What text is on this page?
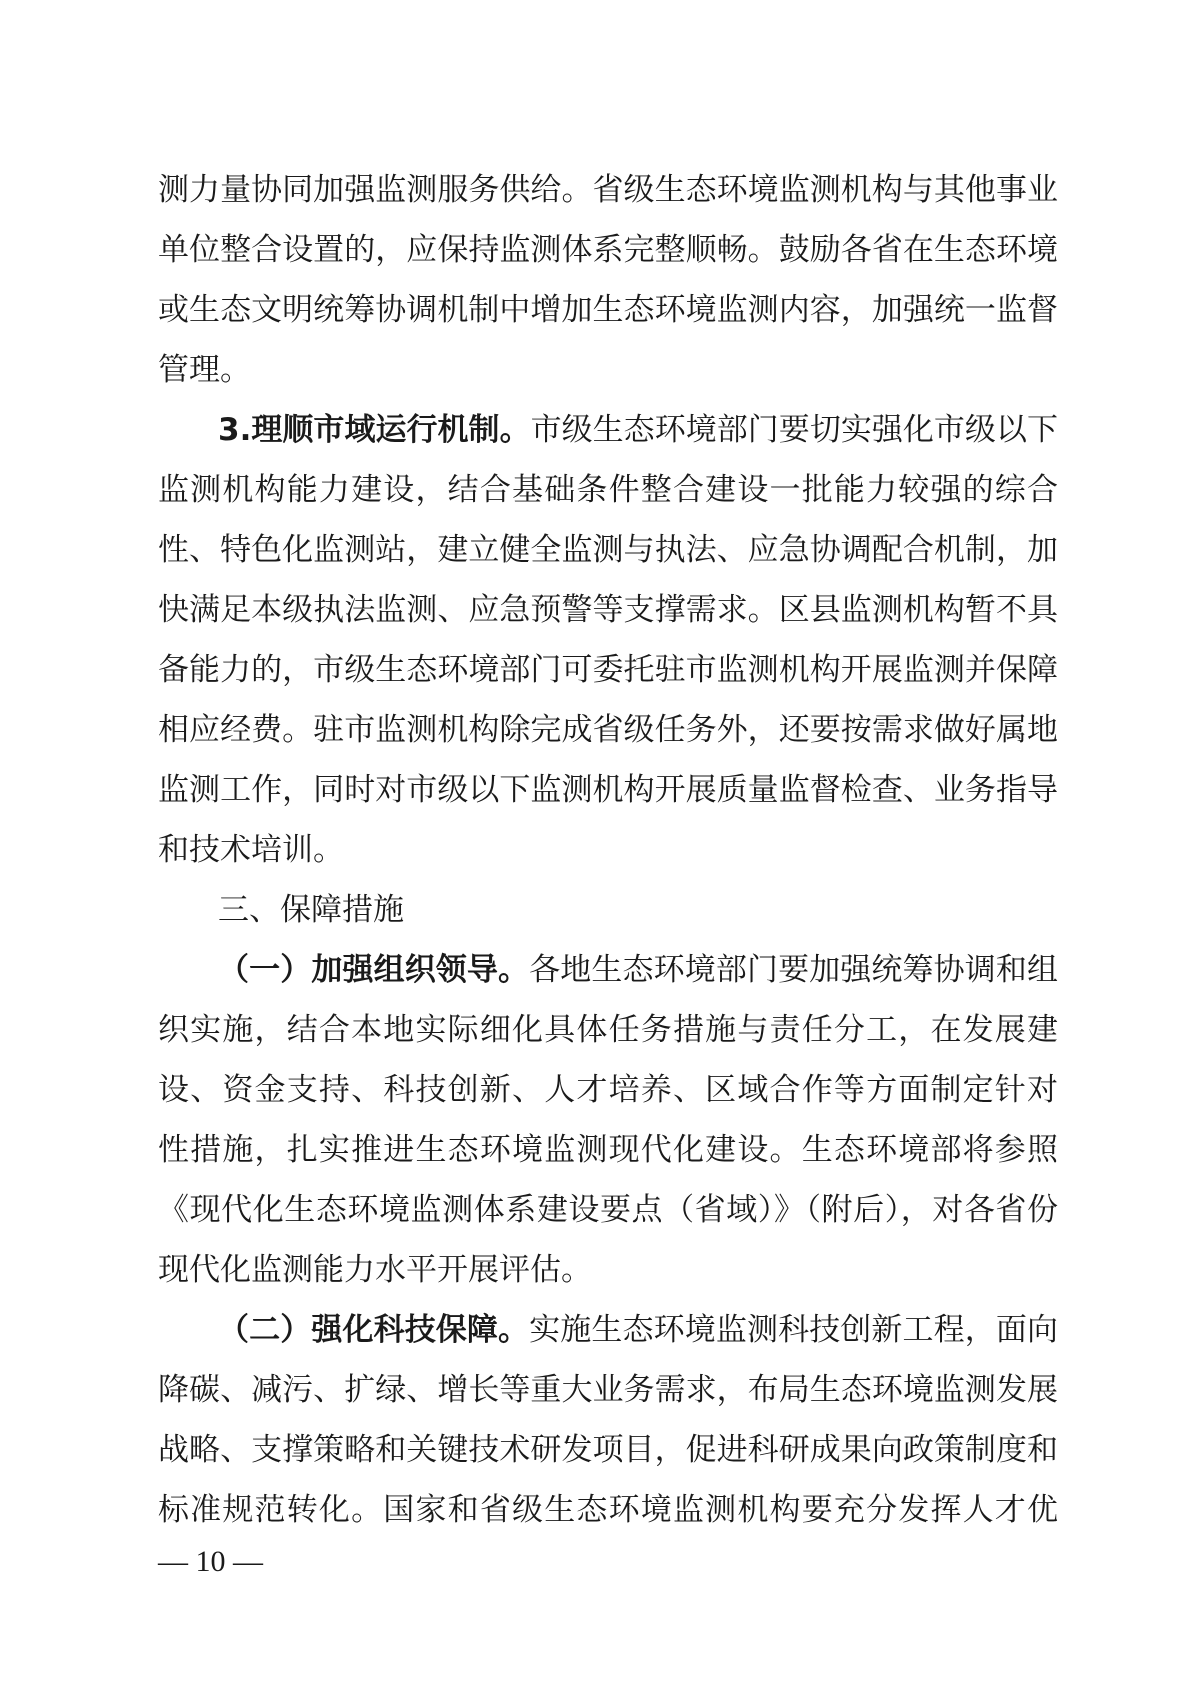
测力量协同加强监测服务供给。省级生态环境监测机构与其他事业
单位整合设置的，应保持监测体系完整顺畅。鼓励各省在生态环境
或生态文明统筹协调机制中增加生态环境监测内容，加强统一监督
管理。
3.理顺市域运行机制。市级生态环境部门要切实强化市级以下
监测机构能力建设，结合基础条件整合建设一批能力较强的综合
性、特色化监测站，建立健全监测与执法、应急协调配合机制，加
快满足本级执法监测、应急预警等支撑需求。区县监测机构暂不具
备能力的，市级生态环境部门可委托驻市监测机构开展监测并保障
相应经费。驻市监测机构除完成省级任务外，还要按需求做好属地
监测工作，同时对市级以下监测机构开展质量监督检查、业务指导
和技术培训。
三、保障措施
（一）加强组织领导。各地生态环境部门要加强统筹协调和组
织实施，结合本地实际细化具体任务措施与责任分工，在发展建
设、资金支持、科技创新、人才培养、区域合作等方面制定针对
性措施，扎实推进生态环境监测现代化建设。生态环境部将参照
《现代化生态环境监测体系建设要点（省域）》（附后），对各省份
现代化监测能力水平开展评估。
（二）强化科技保障。实施生态环境监测科技创新工程，面向
降碳、减污、扩绿、增长等重大业务需求，布局生态环境监测发展
战略、支撑策略和关键技术研发项目，促进科研成果向政策制度和
标准规范转化。国家和省级生态环境监测机构要充分发挥人才优
— 10 —
